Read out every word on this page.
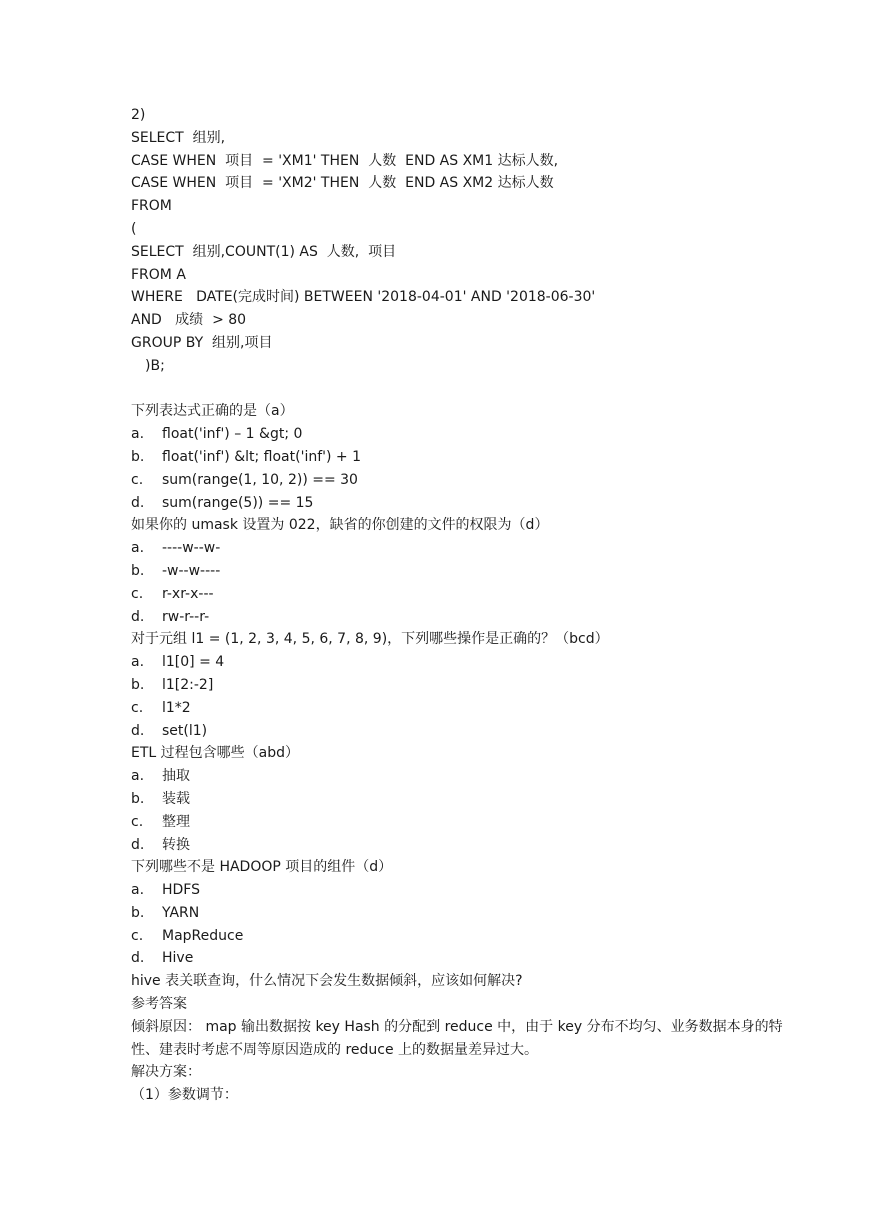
2)
SELECT  组别,
CASE WHEN  项目  = 'XM1' THEN  人数  END AS XM1 达标人数,
CASE WHEN  项目  = 'XM2' THEN  人数  END AS XM2 达标人数
FROM
(
SELECT  组别,COUNT(1) AS  人数,  项目
FROM A
WHERE   DATE(完成时间) BETWEEN '2018-04-01' AND '2018-06-30'
AND   成绩  > 80
GROUP BY  组别,项目
)B;
下列表达式正确的是（a）
a.	float('inf') – 1 &gt; 0
b.	float('inf') &lt; float('inf') + 1
c.	sum(range(1, 10, 2)) == 30
d.	sum(range(5)) == 15
如果你的 umask 设置为 022，缺省的你创建的文件的权限为（d）
a.	----w--w-
b.	-w--w----
c.	r-xr-x---
d.	rw-r--r-
对于元组 l1 = (1, 2, 3, 4, 5, 6, 7, 8, 9)，下列哪些操作是正确的？（bcd）
a.	l1[0] = 4
b.	l1[2:-2]
c.	l1*2
d.	set(l1)
ETL 过程包含哪些（abd）
a.	抽取
b.	装载
c.	整理
d.	转换
下列哪些不是 HADOOP 项目的组件（d）
a.	HDFS
b.	YARN
c.	MapReduce
d.	Hive
hive 表关联查询，什么情况下会发生数据倾斜，应该如何解决?
参考答案
倾斜原因： map 输出数据按 key Hash 的分配到 reduce 中，由于 key 分布不均匀、业务数据本身的特性、建表时考虑不周等原因造成的 reduce 上的数据量差异过大。
解决方案：
（1）参数调节：
